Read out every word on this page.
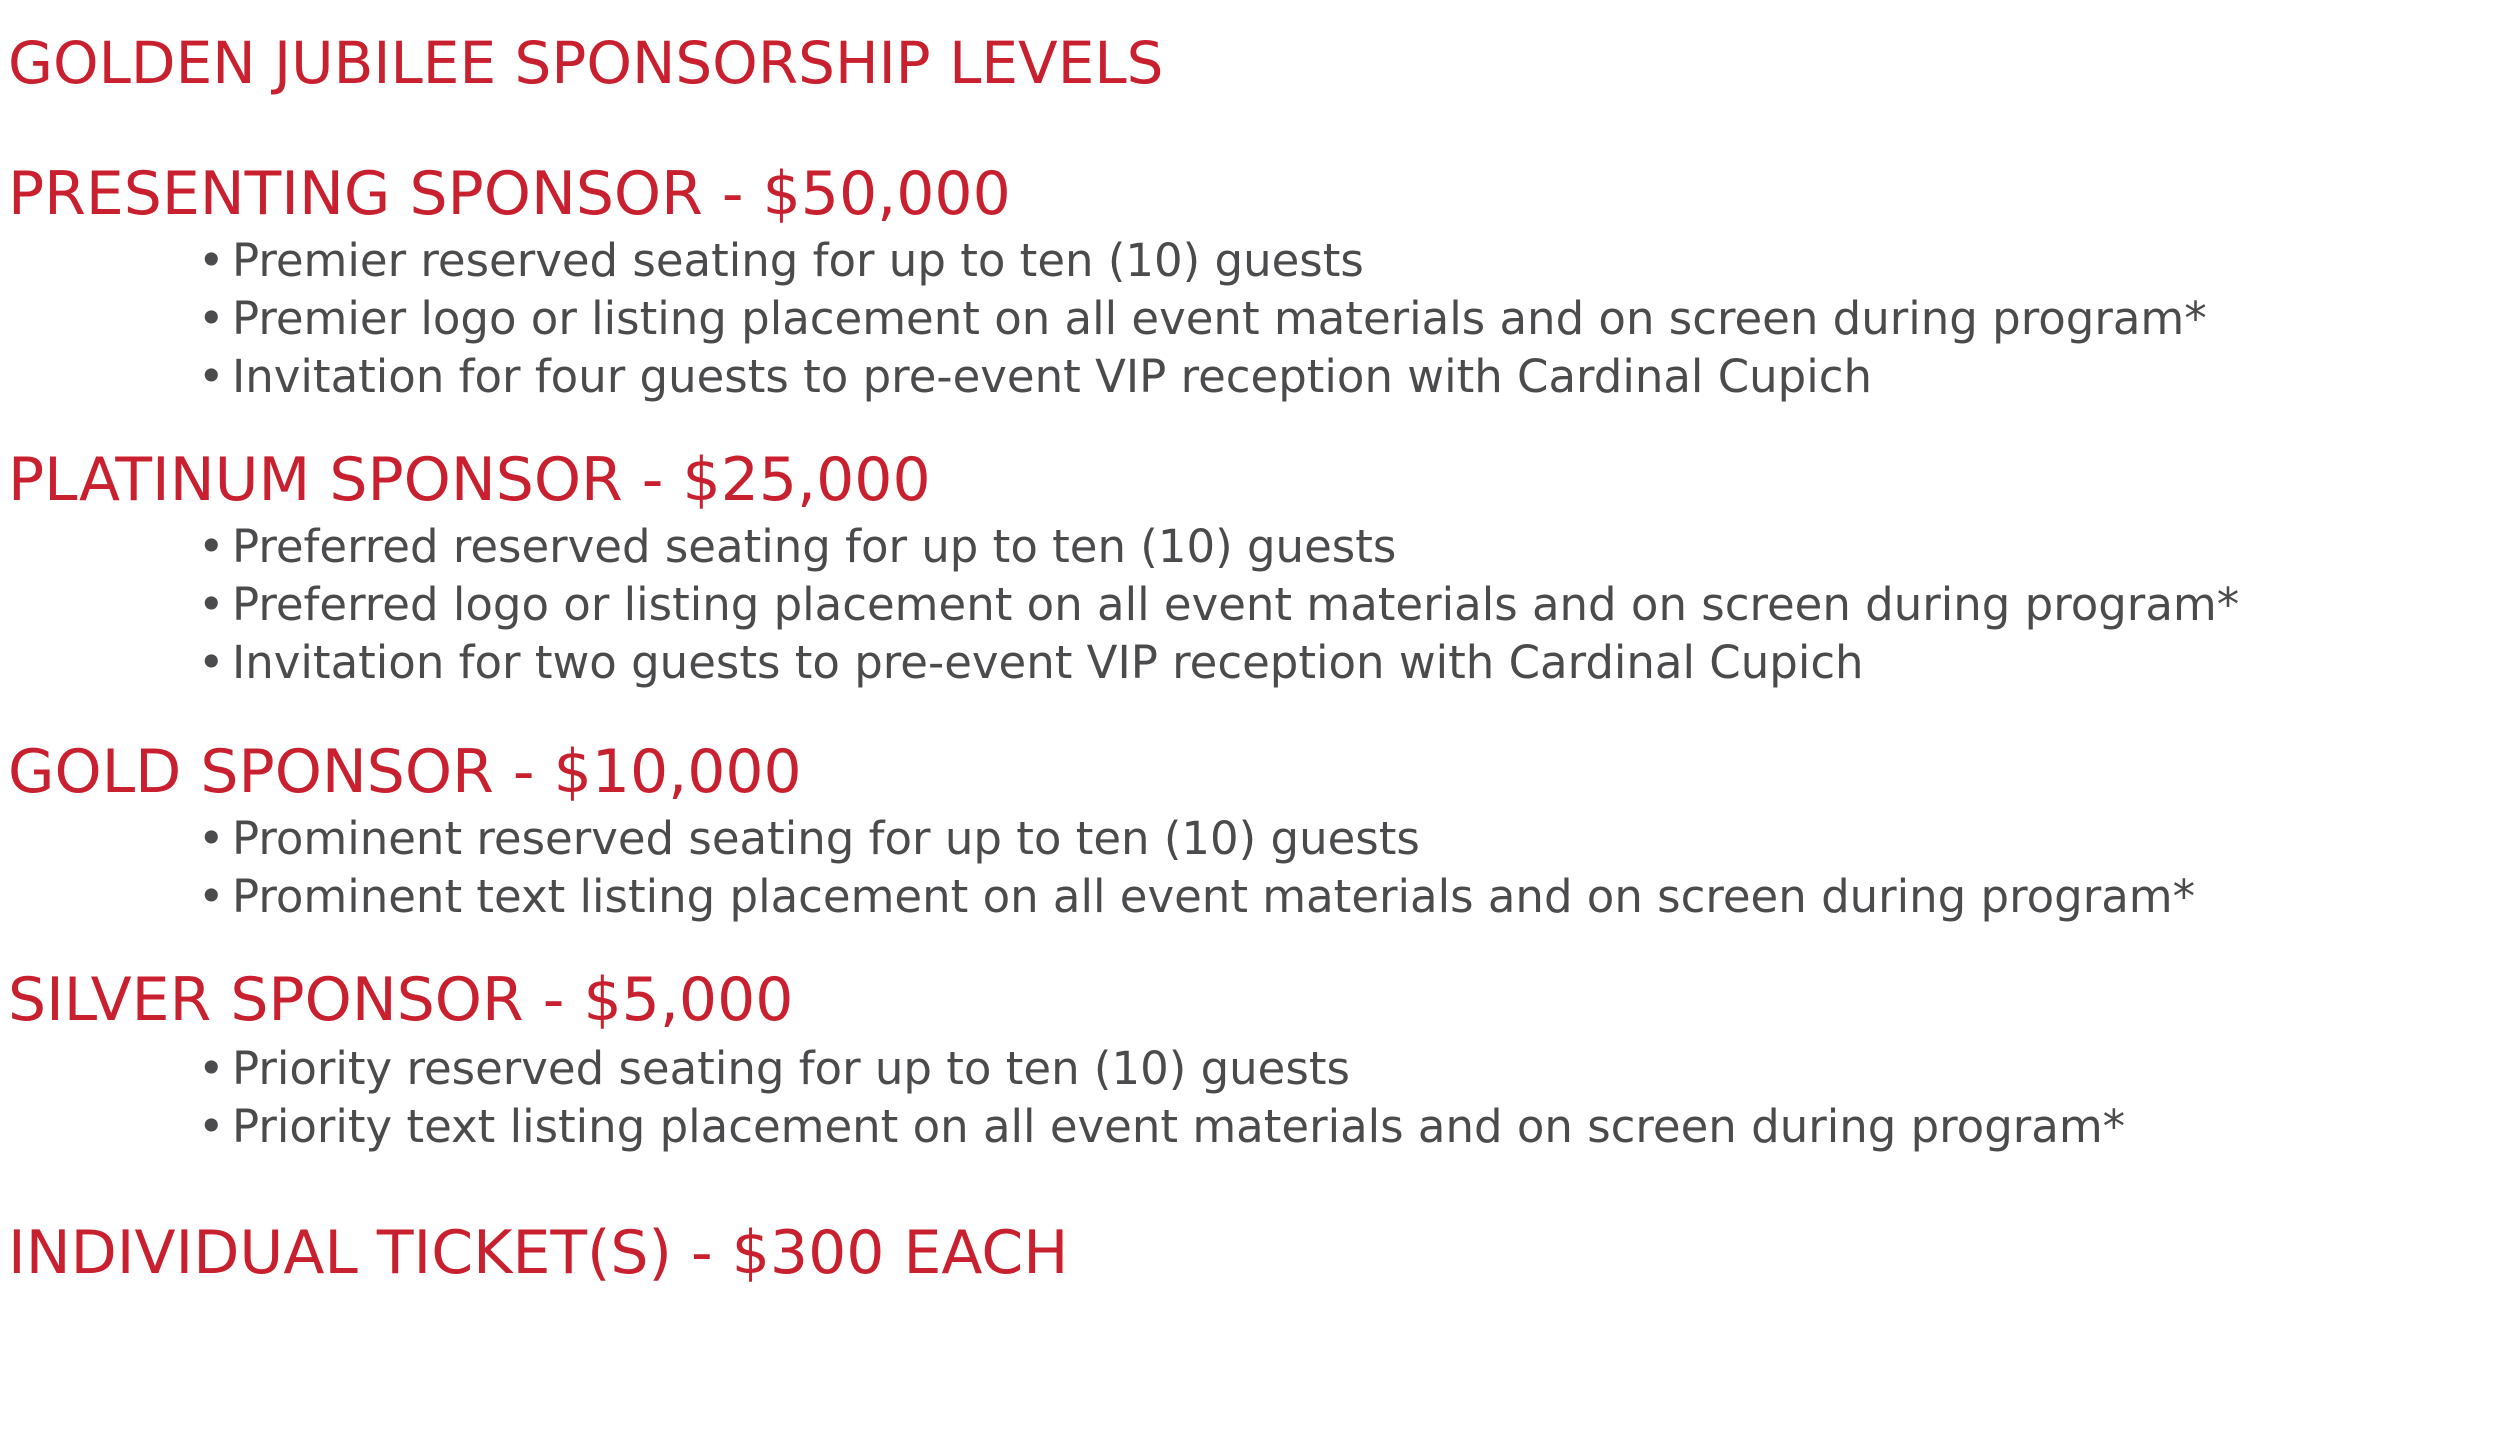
GOLDEN JUBILEE SPONSORSHIP LEVELS
PRESENTING SPONSOR - $50,000
• Premier reserved seating for up to ten (10) guests
• Premier logo or listing placement on all event materials and on screen during program*
• Invitation for four guests to pre-event VIP reception with Cardinal Cupich
PLATINUM SPONSOR - $25,000
• Preferred reserved seating for up to ten (10) guests
• Preferred logo or listing placement on all event materials and on screen during program*
• Invitation for two guests to pre-event VIP reception with Cardinal Cupich
GOLD SPONSOR - $10,000
• Prominent reserved seating for up to ten (10) guests
• Prominent text listing placement on all event materials and on screen during program*
SILVER SPONSOR - $5,000
• Priority reserved seating for up to ten (10) guests
• Priority text listing placement on all event materials and on screen during program*
INDIVIDUAL TICKET(S) - $300 EACH
